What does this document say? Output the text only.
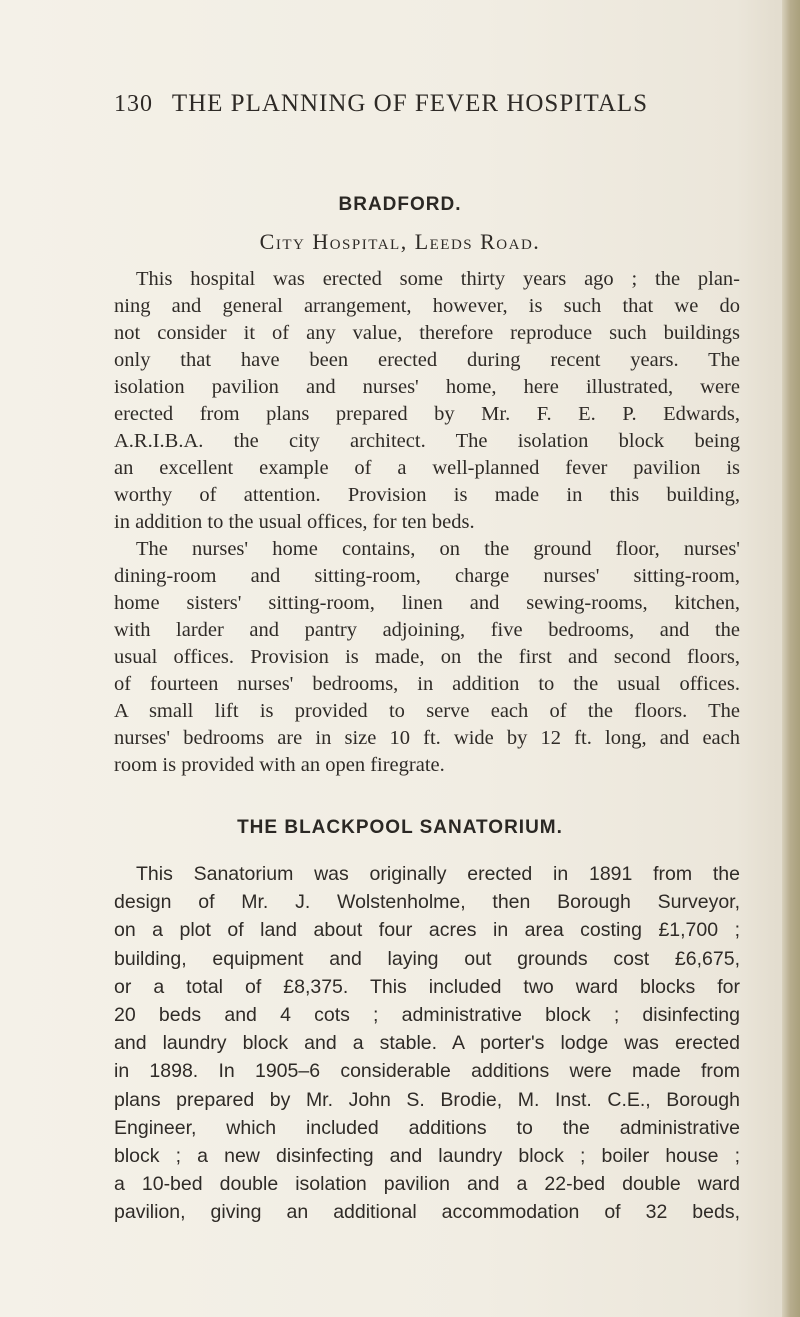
130 THE PLANNING OF FEVER HOSPITALS
BRADFORD.
City Hospital, Leeds Road.
This hospital was erected some thirty years ago ; the plan-
ning and general arrangement, however, is such that we do
not consider it of any value, therefore reproduce such buildings
only that have been erected during recent years. The
isolation pavilion and nurses' home, here illustrated, were
erected from plans prepared by Mr. F. E. P. Edwards,
A.R.I.B.A. the city architect. The isolation block being
an excellent example of a well-planned fever pavilion is
worthy of attention. Provision is made in this building,
in addition to the usual offices, for ten beds.
The nurses' home contains, on the ground floor, nurses'
dining-room and sitting-room, charge nurses' sitting-room,
home sisters' sitting-room, linen and sewing-rooms, kitchen,
with larder and pantry adjoining, five bedrooms, and the
usual offices. Provision is made, on the first and second floors,
of fourteen nurses' bedrooms, in addition to the usual offices.
A small lift is provided to serve each of the floors. The
nurses' bedrooms are in size 10 ft. wide by 12 ft. long, and each
room is provided with an open firegrate.
THE BLACKPOOL SANATORIUM.
This Sanatorium was originally erected in 1891 from the
design of Mr. J. Wolstenholme, then Borough Surveyor,
on a plot of land about four acres in area costing £1,700 ;
building, equipment and laying out grounds cost £6,675,
or a total of £8,375. This included two ward blocks for
20 beds and 4 cots ; administrative block ; disinfecting
and laundry block and a stable. A porter's lodge was erected
in 1898. In 1905–6 considerable additions were made from
plans prepared by Mr. John S. Brodie, M. Inst. C.E., Borough
Engineer, which included additions to the administrative
block ; a new disinfecting and laundry block ; boiler house ;
a 10-bed double isolation pavilion and a 22-bed double ward
pavilion, giving an additional accommodation of 32 beds,
